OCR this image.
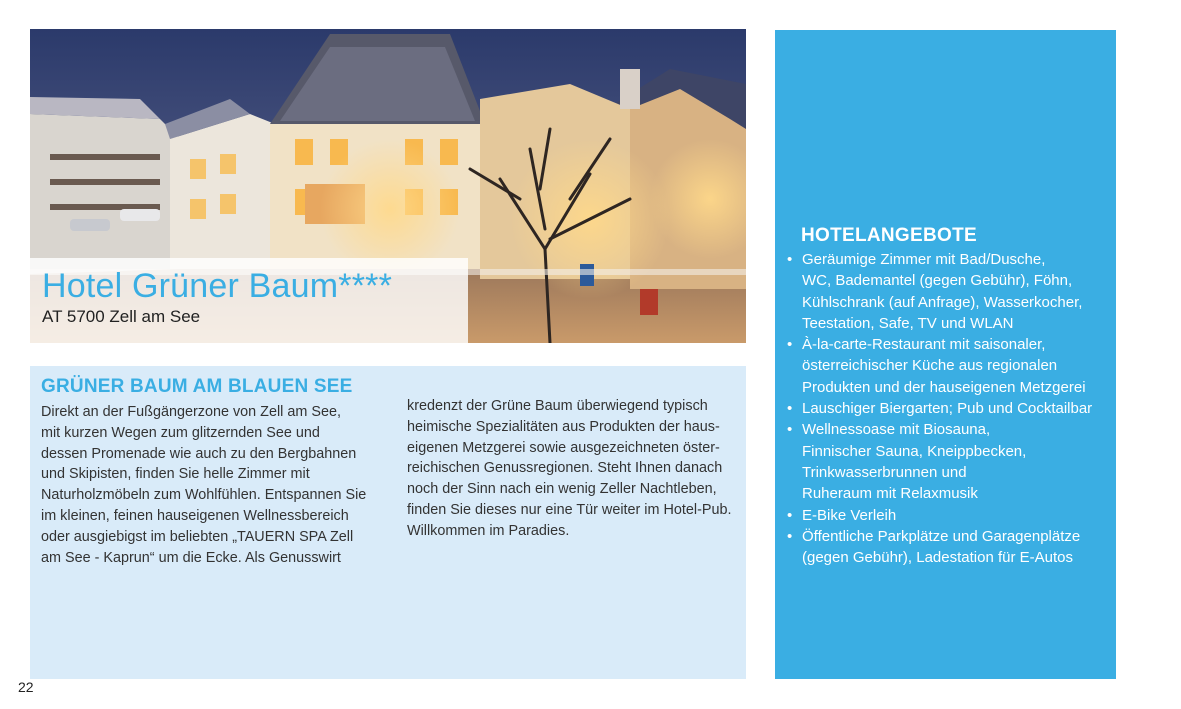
Hotel Grüner Baum****
AT 5700 Zell am See
GRÜNER BAUM AM BLAUEN SEE

Direkt an der Fußgängerzone von Zell am See,

mit kurzen Wegen zum glitzernden See und

dessen Promenade wie auch zu den Bergbahnen

und Skipisten, finden Sie helle Zimmer mit

Naturholzmöbeln zum Wohlfühlen. Entspannen Sie

im kleinen, feinen hauseigenen Wellnessbereich

oder ausgiebigst im beliebten „TAUERN SPA Zell

am See - Kaprun“ um die Ecke. Als Genusswirt

kredenzt der Grüne Baum überwiegend typisch

heimische Spezialitäten aus Produkten der haus-

eigenen Metzgerei sowie ausgezeichneten öster-

reichischen Genussregionen. Steht Ihnen danach

noch der Sinn nach ein wenig Zeller Nachtleben,

finden Sie dieses nur eine Tür weiter im Hotel-Pub.

Willkommen im Paradies.

HOTELANGEBOTE
• Geräumige Zimmer mit Bad/Dusche,
WC, Bademantel (gegen Gebühr), Föhn,
Kühlschrank (auf Anfrage), Wasserkocher,
Teestation, Safe, TV und WLAN
• À-la-carte-Restaurant mit saisonaler,
österreichischer Küche aus regionalen
Produkten und der hauseigenen Metzgerei
• Lauschiger Biergarten; Pub und Cocktailbar
• Wellnessoase mit Biosauna,
Finnischer Sauna, Kneippbecken,
Trinkwasserbrunnen und
Ruheraum mit Relaxmusik
• E-Bike Verleih
• Öffentliche Parkplätze und Garagenplätze
(gegen Gebühr), Ladestation für E-Autos
22
